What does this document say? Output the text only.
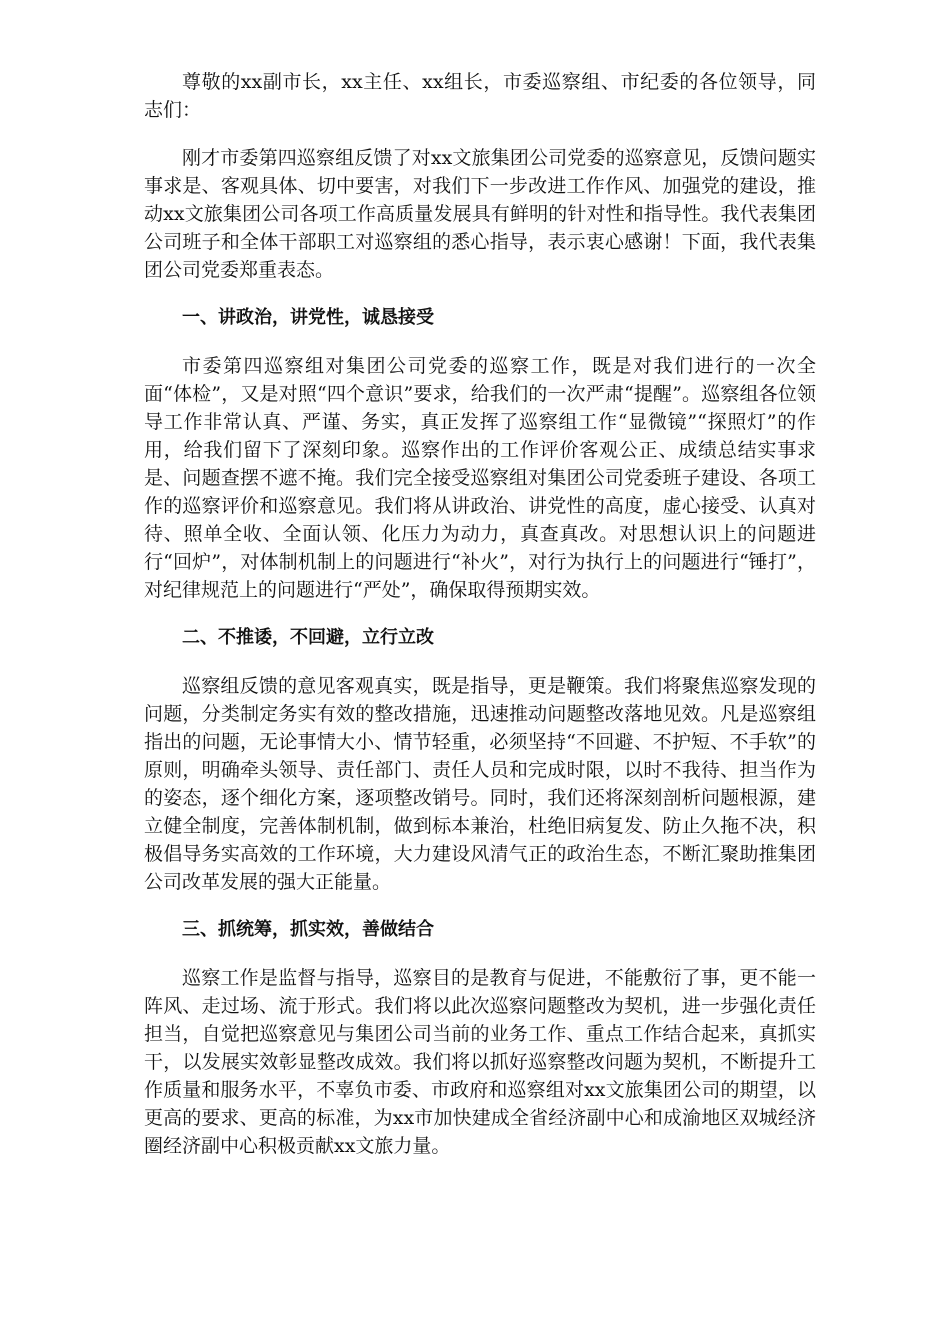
尊敬的xx副市长，xx主任、xx组长，市委巡察组、市纪委的各位领导，同志们：

刚才市委第四巡察组反馈了对xx文旅集团公司党委的巡察意见，反馈问题实事求是、客观具体、切中要害，对我们下一步改进工作作风、加强党的建设，推动xx文旅集团公司各项工作高质量发展具有鲜明的针对性和指导性。我代表集团公司班子和全体干部职工对巡察组的悉心指导，表示衷心感谢！下面，我代表集团公司党委郑重表态。

一、讲政治，讲党性，诚恳接受

市委第四巡察组对集团公司党委的巡察工作，既是对我们进行的一次全面“体检”，又是对照“四个意识”要求，给我们的一次严肃“提醒”。巡察组各位领导工作非常认真、严谨、务实，真正发挥了巡察组工作“显微镜”“探照灯”的作用，给我们留下了深刻印象。巡察作出的工作评价客观公正、成绩总结实事求是、问题查摆不遮不掩。我们完全接受巡察组对集团公司党委班子建设、各项工作的巡察评价和巡察意见。我们将从讲政治、讲党性的高度，虚心接受、认真对待、照单全收、全面认领、化压力为动力，真查真改。对思想认识上的问题进行“回炉”，对体制机制上的问题进行“补火”，对行为执行上的问题进行“锤打”，对纪律规范上的问题进行“严处”，确保取得预期实效。

二、不推诿，不回避，立行立改

巡察组反馈的意见客观真实，既是指导，更是鞭策。我们将聚焦巡察发现的问题，分类制定务实有效的整改措施，迅速推动问题整改落地见效。凡是巡察组指出的问题，无论事情大小、情节轻重，必须坚持“不回避、不护短、不手软”的原则，明确牵头领导、责任部门、责任人员和完成时限，以时不我待、担当作为的姿态，逐个细化方案，逐项整改销号。同时，我们还将深刻剖析问题根源，建立健全制度，完善体制机制，做到标本兼治，杜绝旧病复发、防止久拖不决，积极倡导务实高效的工作环境，大力建设风清气正的政治生态，不断汇聚助推集团公司改革发展的强大正能量。

三、抓统筹，抓实效，善做结合

巡察工作是监督与指导，巡察目的是教育与促进，不能敷衍了事，更不能一阵风、走过场、流于形式。我们将以此次巡察问题整改为契机，进一步强化责任担当，自觉把巡察意见与集团公司当前的业务工作、重点工作结合起来，真抓实干，以发展实效彰显整改成效。我们将以抓好巡察整改问题为契机，不断提升工作质量和服务水平，不辜负市委、市政府和巡察组对xx文旅集团公司的期望，以更高的要求、更高的标准，为xx市加快建成全省经济副中心和成渝地区双城经济圈经济副中心积极贡献xx文旅力量。
